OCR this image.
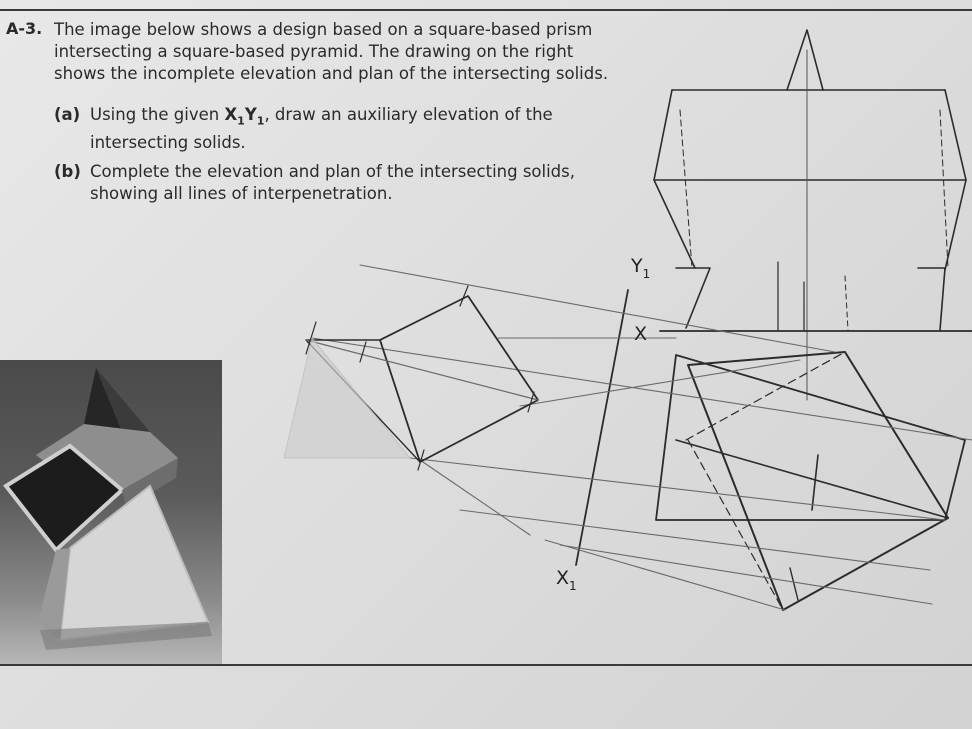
A-3. The image below shows a design based on a square-based prism intersecting a square-based pyramid. The drawing on the right shows the incomplete elevation and plan of the intersecting solids.

(a) Using the given $X_1Y_1$, draw an auxiliary elevation of the intersecting solids.

(b) Complete the elevation and plan of the intersecting solids, showing all lines of interpenetration.

$Y_1$
X
$X_1$
